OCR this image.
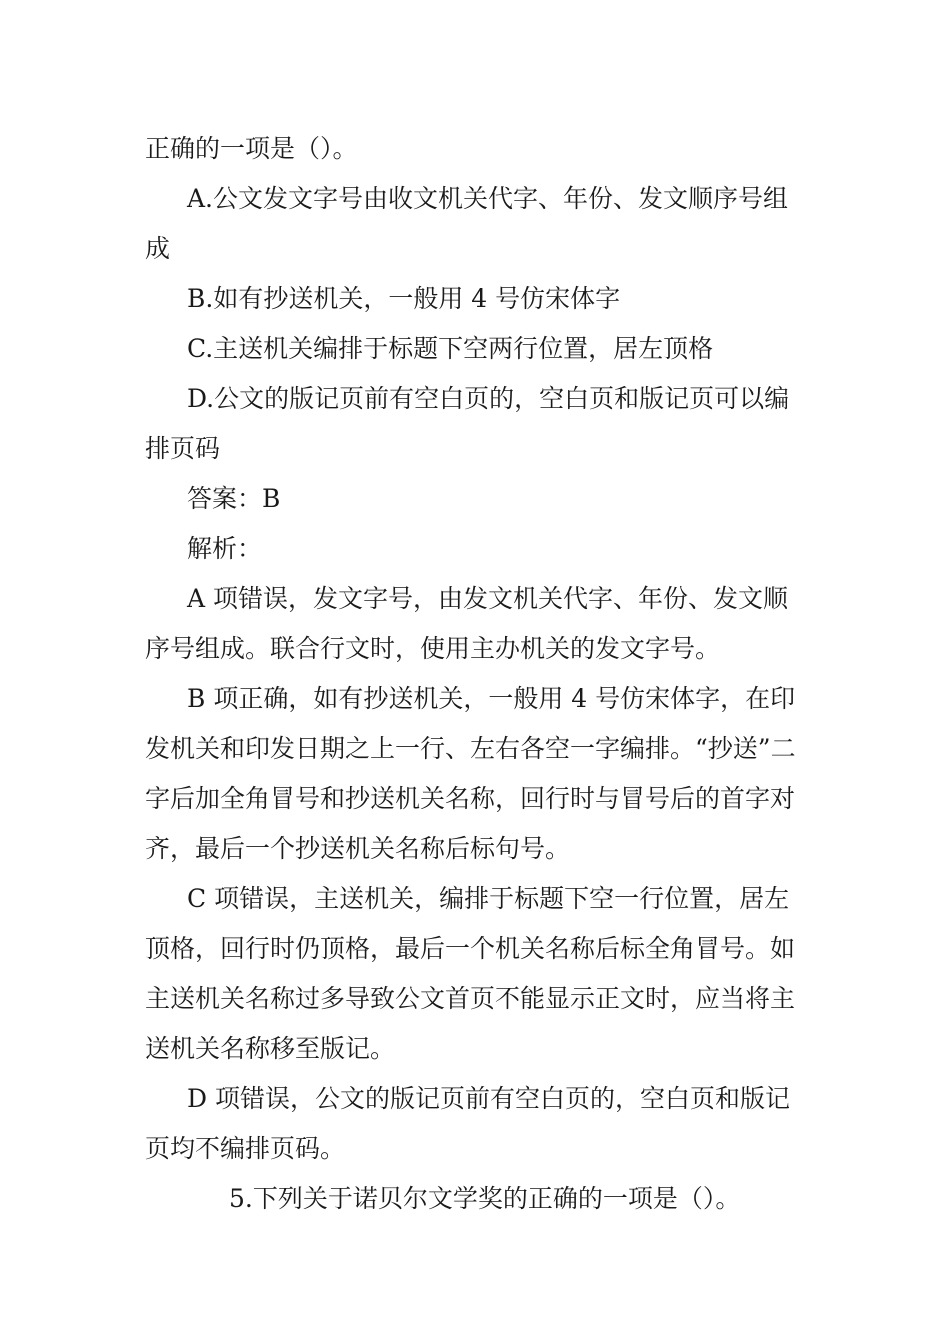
正确的一项是（）。

A.公文发文字号由收文机关代字、年份、发文顺序号组成

B.如有抄送机关，一般用 4 号仿宋体字

C.主送机关编排于标题下空两行位置，居左顶格

D.公文的版记页前有空白页的，空白页和版记页可以编排页码

答案：B

解析：

A 项错误，发文字号，由发文机关代字、年份、发文顺序号组成。联合行文时，使用主办机关的发文字号。

B 项正确，如有抄送机关，一般用 4 号仿宋体字，在印发机关和印发日期之上一行、左右各空一字编排。“抄送”二字后加全角冒号和抄送机关名称，回行时与冒号后的首字对齐，最后一个抄送机关名称后标句号。

C 项错误，主送机关，编排于标题下空一行位置，居左顶格，回行时仍顶格，最后一个机关名称后标全角冒号。如主送机关名称过多导致公文首页不能显示正文时，应当将主送机关名称移至版记。

D 项错误，公文的版记页前有空白页的，空白页和版记页均不编排页码。

5.下列关于诺贝尔文学奖的正确的一项是（）。
